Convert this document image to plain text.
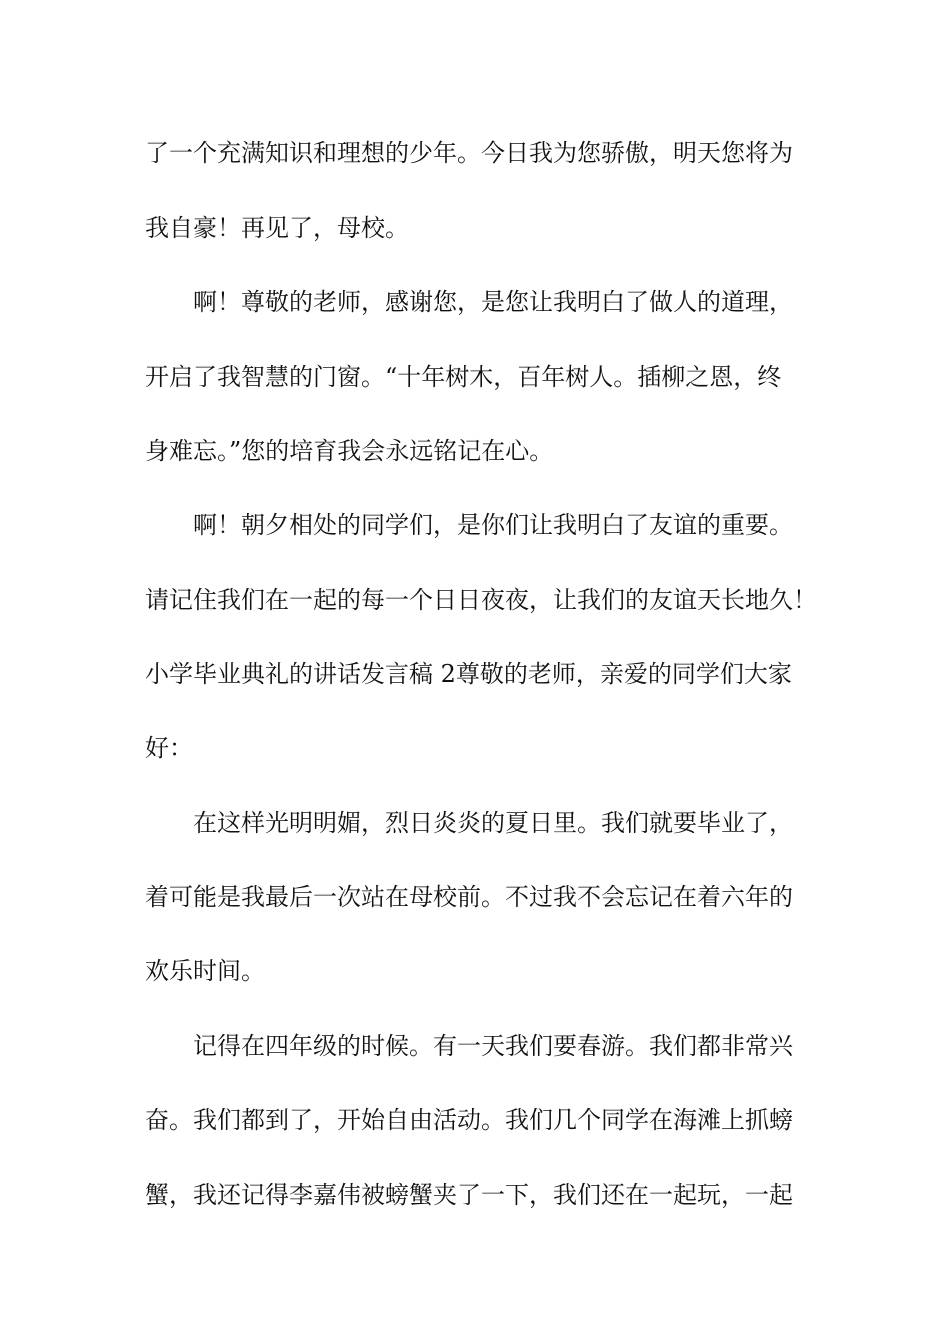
了一个充满知识和理想的少年。今日我为您骄傲，明天您将为
我自豪！再见了，母校。
啊！尊敬的老师，感谢您，是您让我明白了做人的道理，
开启了我智慧的门窗。“十年树木，百年树人。插柳之恩，终
身难忘。”您的培育我会永远铭记在心。
啊！朝夕相处的同学们，是你们让我明白了友谊的重要。
请记住我们在一起的每一个日日夜夜，让我们的友谊天长地久！
小学毕业典礼的讲话发言稿 2尊敬的老师，亲爱的同学们大家
好：
在这样光明明媚，烈日炎炎的夏日里。我们就要毕业了，
着可能是我最后一次站在母校前。不过我不会忘记在着六年的
欢乐时间。
记得在四年级的时候。有一天我们要春游。我们都非常兴
奋。我们都到了，开始自由活动。我们几个同学在海滩上抓螃
蟹，我还记得李嘉伟被螃蟹夹了一下，我们还在一起玩，一起
